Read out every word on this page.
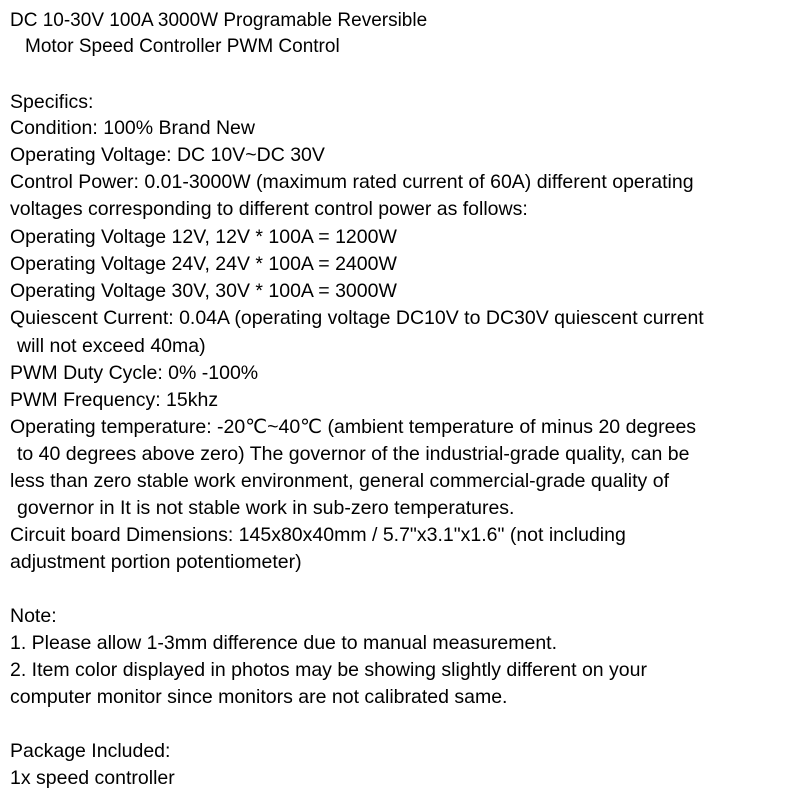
DC 10-30V 100A 3000W Programable Reversible
Motor Speed Controller PWM Control
Specifics:
Condition: 100% Brand New
Operating Voltage: DC 10V~DC 30V
Control Power: 0.01-3000W (maximum rated current of 60A) different operating
voltages corresponding to different control power as follows:
Operating Voltage 12V, 12V * 100A = 1200W
Operating Voltage 24V, 24V * 100A = 2400W
Operating Voltage 30V, 30V * 100A = 3000W
Quiescent Current: 0.04A (operating voltage DC10V to DC30V quiescent current
will not exceed 40ma)
PWM Duty Cycle: 0% -100%
PWM Frequency: 15khz
Operating temperature: -20℃~40℃ (ambient temperature of minus 20 degrees
to 40 degrees above zero) The governor of the industrial-grade quality, can be
less than zero stable work environment, general commercial-grade quality of
governor in It is not stable work in sub-zero temperatures.
Circuit board Dimensions: 145x80x40mm / 5.7"x3.1"x1.6" (not including
adjustment portion potentiometer)
Note:
1. Please allow 1-3mm difference due to manual measurement.
2. Item color displayed in photos may be showing slightly different on your
computer monitor since monitors are not calibrated same.
Package Included:
1x speed controller
